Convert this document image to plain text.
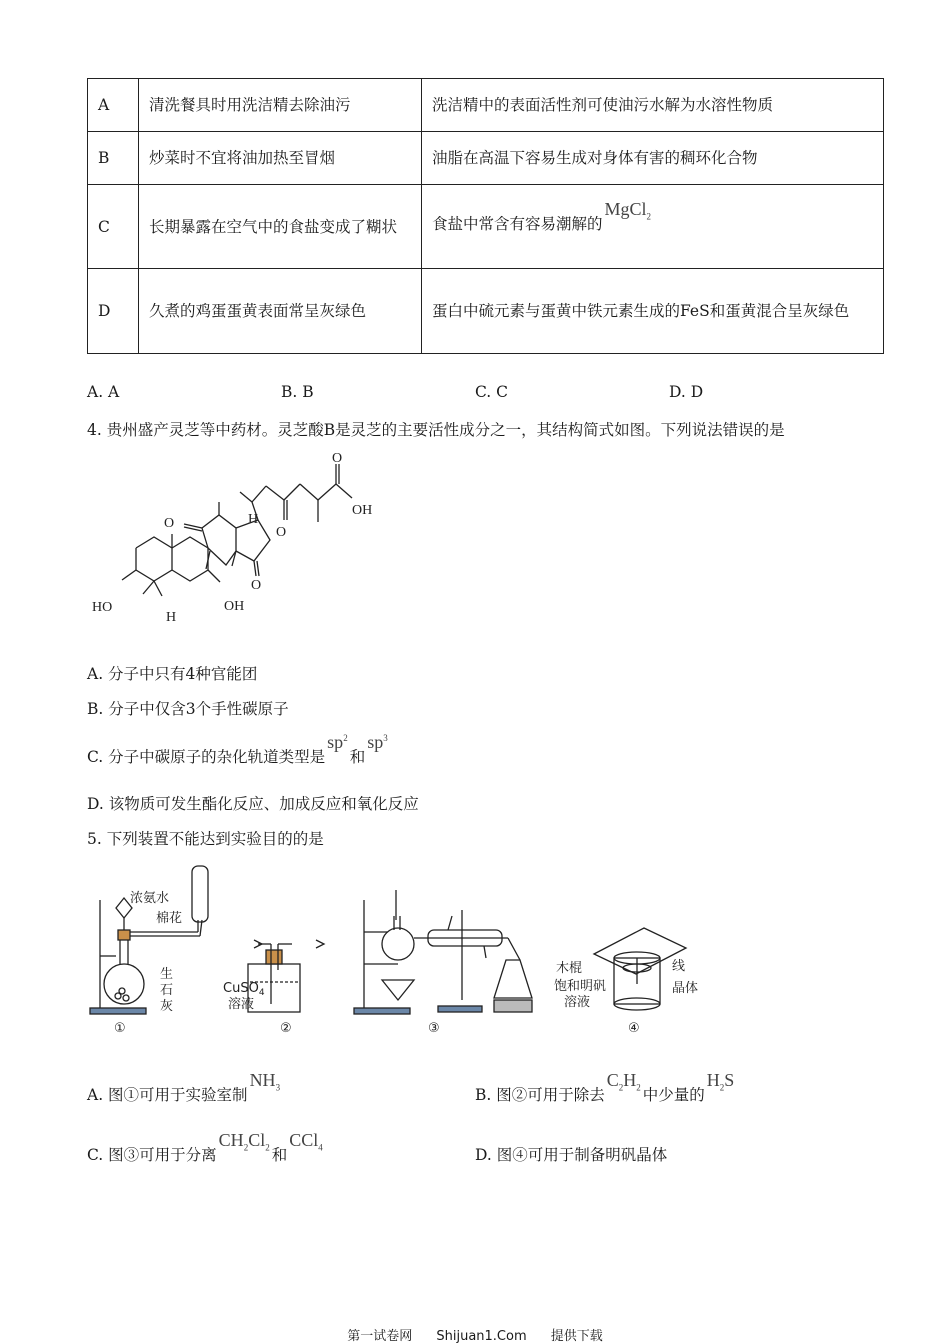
A	清洗餐具时用洗洁精去除油污	洗洁精中的表面活性剂可使油污水解为水溶性物质
B	炒菜时不宜将油加热至冒烟	油脂在高温下容易生成对身体有害的稠环化合物
C	长期暴露在空气中的食盐变成了糊状	食盐中常含有容易潮解的MgCl$_2$
D	久煮的鸡蛋蛋黄表面常呈灰绿色	蛋白中硫元素与蛋黄中铁元素生成的FeS和蛋黄混合呈灰绿色
A. A	B. B	C. C	D. D
4. 贵州盛产灵芝等中药材。灵芝酸B是灵芝的主要活性成分之一，其结构简式如图。下列说法错误的是
O
O
O
O
OH
HO	OH
H
H
A. 分子中只有4种官能团
B. 分子中仅含3个手性碳原子
C. 分子中碳原子的杂化轨道类型是$sp^2$和$sp^3$
D. 该物质可发生酯化反应、加成反应和氧化反应
5. 下列装置不能达到实验目的的是
浓氨水
棉花
生
石
灰
CuSO$_4$
溶液
木棍	线
饱和明矾
溶液
晶体
①	②	③	④
A. 图①可用于实验室制$NH_3$	B. 图②可用于除去$C_2H_2$ 中少量的$H_2S$
C. 图③可用于分离$CH_2Cl_2$ 和CCl$_4$	D. 图④可用于制备明矾晶体
第一试卷网 Shijuan1.Com 提供下载
